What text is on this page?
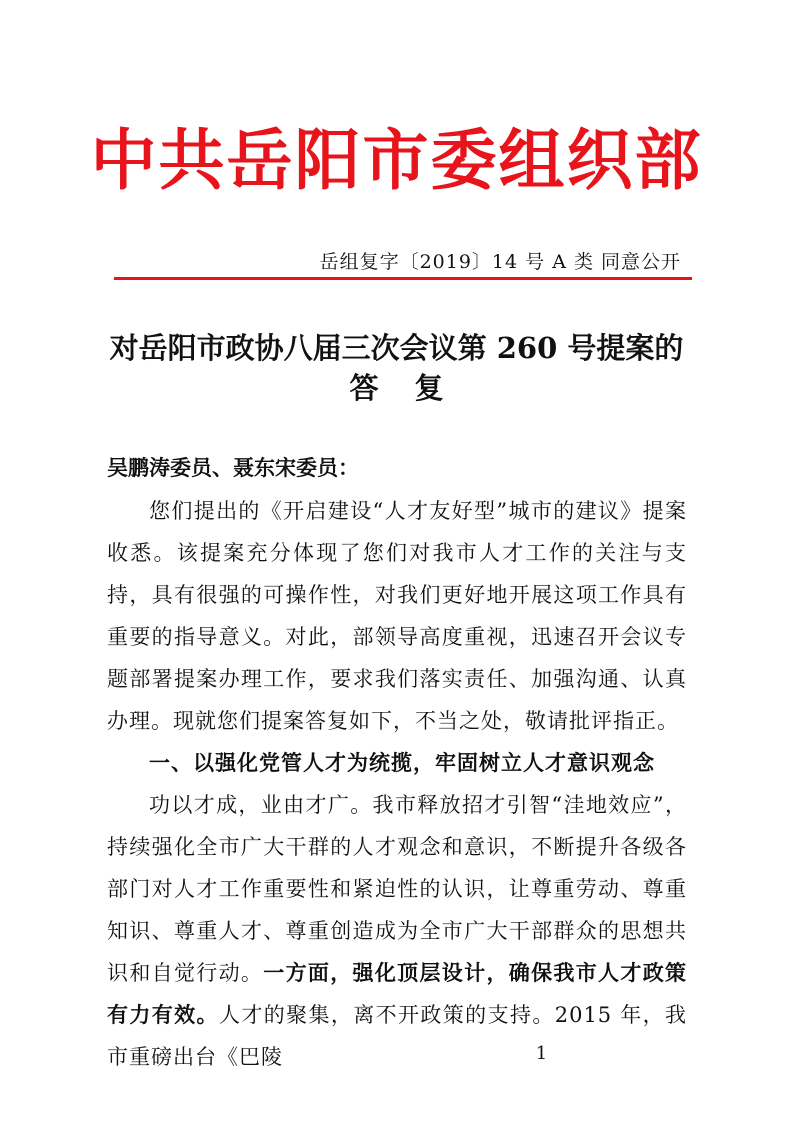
中共岳阳市委组织部
岳组复字〔2019〕14 号 A 类 同意公开
对岳阳市政协八届三次会议第 260 号提案的
答复
吴鹏涛委员、聂东宋委员：

您们提出的《开启建设“人才友好型”城市的建议》提案收悉。该提案充分体现了您们对我市人才工作的关注与支持，具有很强的可操作性，对我们更好地开展这项工作具有重要的指导意义。对此，部领导高度重视，迅速召开会议专题部署提案办理工作，要求我们落实责任、加强沟通、认真办理。现就您们提案答复如下，不当之处，敬请批评指正。

一、以强化党管人才为统揽，牢固树立人才意识观念

功以才成，业由才广。我市释放招才引智“洼地效应”，持续强化全市广大干群的人才观念和意识，不断提升各级各部门对人才工作重要性和紧迫性的认识，让尊重劳动、尊重知识、尊重人才、尊重创造成为全市广大干部群众的思想共识和自觉行动。一方面，强化顶层设计，确保我市人才政策有力有效。人才的聚集，离不开政策的支持。2015 年，我市重磅出台《巴陵	1
